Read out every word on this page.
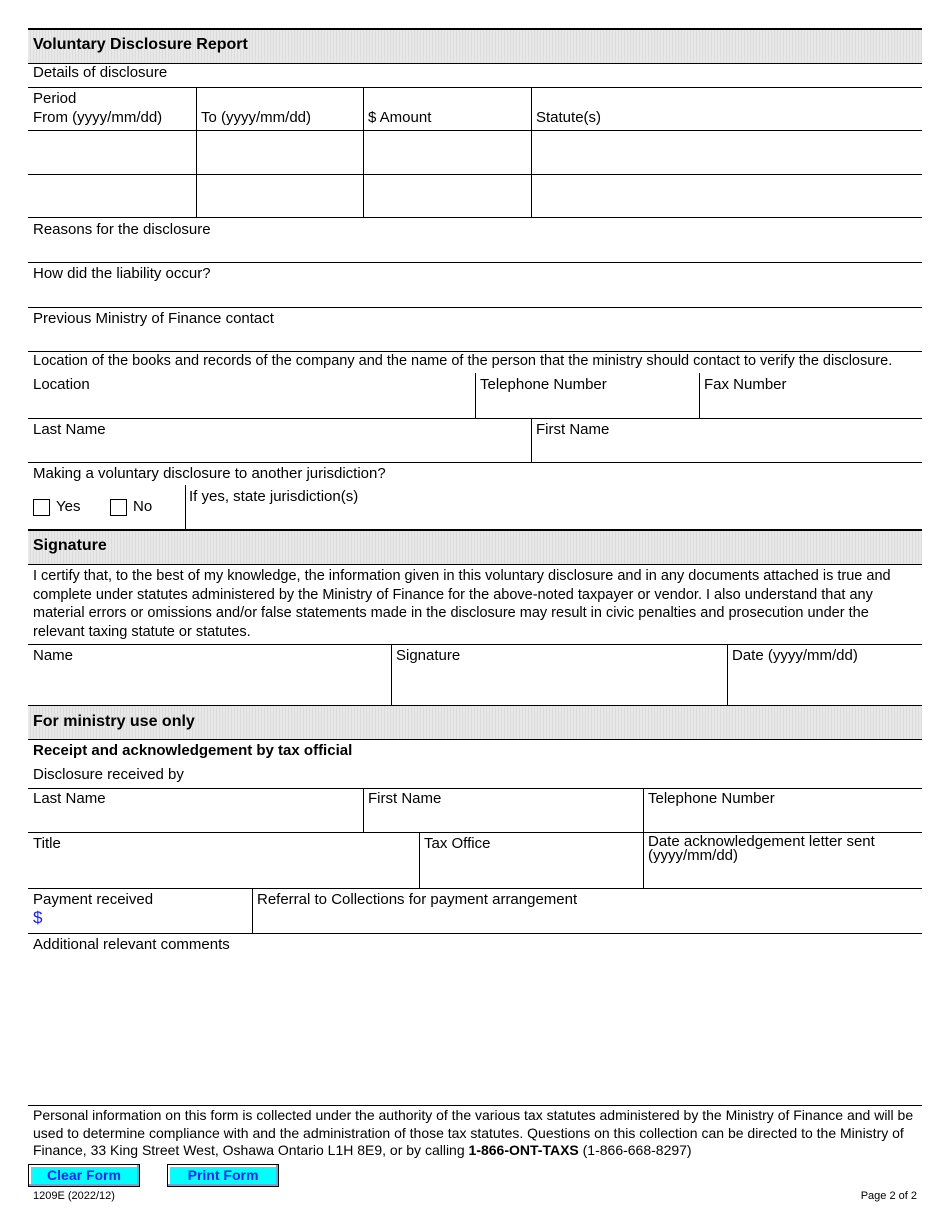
Voluntary Disclosure Report
Details of disclosure
Period
From (yyyy/mm/dd)	To (yyyy/mm/dd)	$ Amount	Statute(s)
Reasons for the disclosure
How did the liability occur?
Previous Ministry of Finance contact
Location of the books and records of the company and the name of the person that the ministry should contact to verify the disclosure.
Location	Telephone Number	Fax Number
Last Name	First Name
Making a voluntary disclosure to another jurisdiction?
Yes	No
If yes, state jurisdiction(s)
Signature
I certify that, to the best of my knowledge, the information given in this voluntary disclosure and in any documents attached is true and complete under statutes administered by the Ministry of Finance for the above-noted taxpayer or vendor. I also understand that any material errors or omissions and/or false statements made in the disclosure may result in civic penalties and prosecution under the relevant taxing statute or statutes.
Name	Signature	Date (yyyy/mm/dd)
For ministry use only
Receipt and acknowledgement by tax official
Disclosure received by
Last Name	First Name	Telephone Number
Title	Tax Office	Date acknowledgement letter sent (yyyy/mm/dd)
Payment received
$
Referral to Collections for payment arrangement
Additional relevant comments
Personal information on this form is collected under the authority of the various tax statutes administered by the Ministry of Finance and will be used to determine compliance with and the administration of those tax statutes. Questions on this collection can be directed to the Ministry of Finance, 33 King Street West, Oshawa Ontario L1H 8E9, or by calling 1-866-ONT-TAXS (1-866-668-8297)
Clear Form	Print Form
1209E (2022/12)	Page 2 of 2
